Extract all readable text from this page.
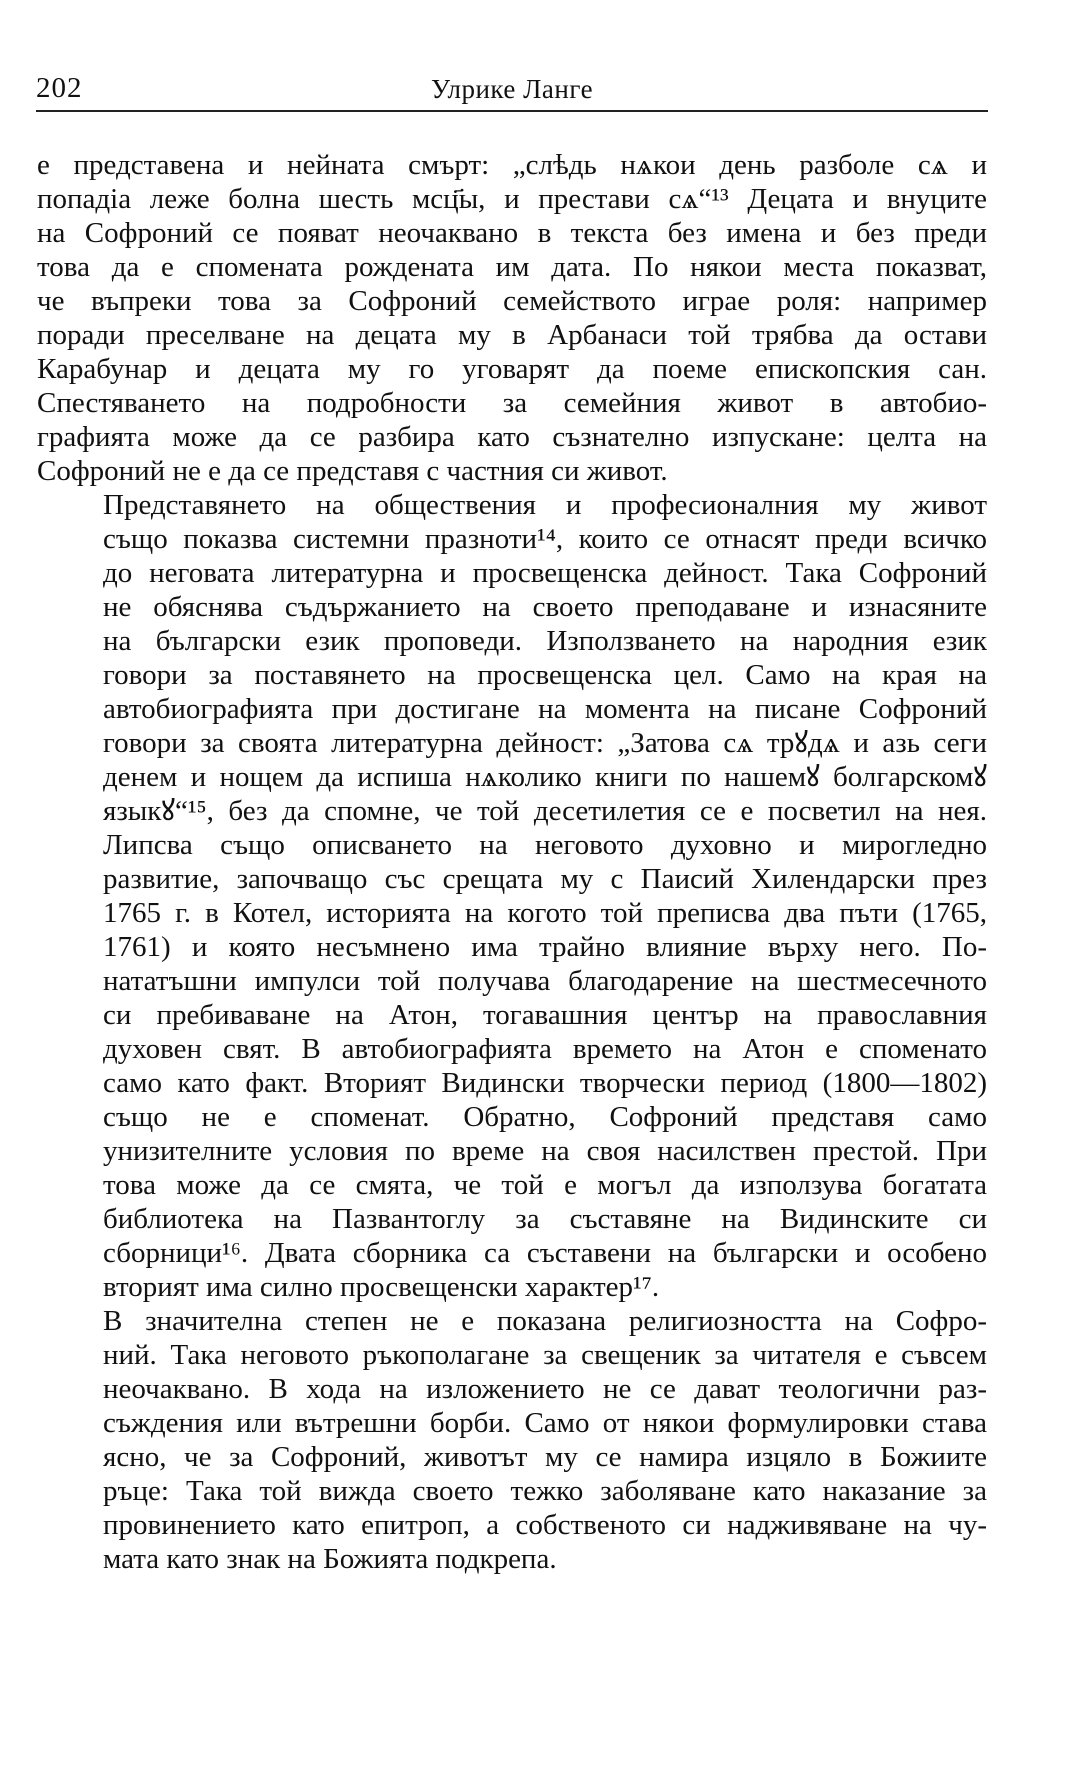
202	Улрике Ланге

е представена и нейната смърт: „слѣдь нѧкои день разболе сѧ и
попадiа леже болна шесть мсц҃ы, и престави сѧ“¹³ Децата и внуците
на Софроний се появат неочаквано в текста без имена и без преди
това да е спомената рождената им дата. По някои места показват,
че въпреки това за Софроний семейството играе роля: например
поради преселване на децата му в Арбанаси той трябва да остави
Карабунар и децата му го уговарят да поеме епископския сан.
Спестяването на подробности за семейния живот в автобио-
графията може да се разбира като съзнателно изпускане: целта на
Софроний не е да се представя с частния си живот.

Представянето на обществения и професионалния му живот
също показва системни празноти¹⁴, които се отнасят преди всичко
до неговата литературна и просвещенска дейност. Така Софроний
не обяснява съдържанието на своето преподаване и изнасяните
на български език проповеди. Използването на народния език
говори за поставянето на просвещенска цел. Само на края на
автобиографията при достигане на момента на писане Софроний
говори за своята литературна дейност: „Затова сѧ трꙋдѧ и азь сеги
денем и нощем да испиша нѧколико книги по нашемꙋ болгарскомꙋ
языкꙋ“¹⁵, без да спомне, че той десетилетия се е посветил на нея.
Липсва също описването на неговото духовно и мирогледно
развитие, започващо със срещата му с Паисий Хилендарски през
1765 г. в Котел, историята на когото той преписва два пъти (1765,
1761) и която несъмнено има трайно влияние върху него. По-
нататъшни импулси той получава благодарение на шестмесечното
си пребиваване на Атон, тогавашния център на православния
духовен свят. В автобиографията времето на Атон е споменато
само като факт. Вторият Видински творчески период (1800—1802)
също не е споменат. Обратно, Софроний представя само
унизителните условия по време на своя насилствен престой. При
това може да се смята, че той е могъл да използува богатата
библиотека на Пазвантоглу за съставяне на Видинските си
сборници¹⁶. Двата сборника са съставени на български и особено
вторият има силно просвещенски характер¹⁷.

В значителна степен не е показана религиозността на Софро-
ний. Така неговото ръкополагане за свещеник за читателя е съвсем
неочаквано. В хода на изложението не се дават теологични раз-
съждения или вътрешни борби. Само от някои формулировки става
ясно, че за Софроний, животът му се намира изцяло в Божиите
ръце: Така той вижда своето тежко заболяване като наказание за
провинението като епитроп, а собственото си надживяване на чу-
мата като знак на Божията подкрепа.
